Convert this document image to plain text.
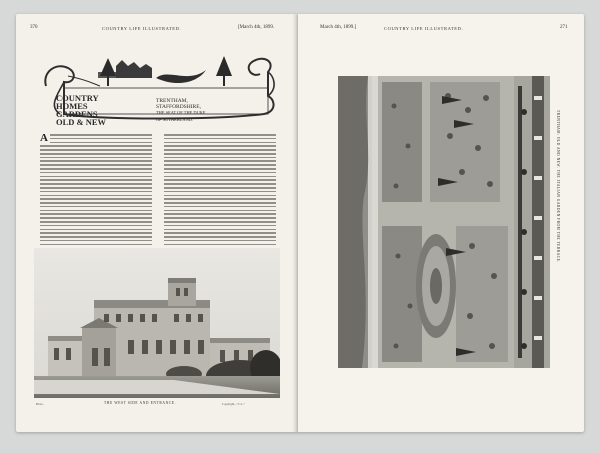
370	COUNTRY LIFE ILLUSTRATED.	[March 4th, 1899.
COUNTRY
HOMES
GARDENS
OLD & NEW
TRENTHAM,
STAFFORDSHIRE,
THE SEAT OF THE DUKE
OF SUTHERLAND.
A
Photo.	THE WEST SIDE AND ENTRANCE.	Copyright—"C.L."
March 4th, 1899.]	COUNTRY LIFE ILLUSTRATED.	271
TRENTHAM: OLD AND NEW. THE ITALIAN GARDEN FROM THE TERRACE.
